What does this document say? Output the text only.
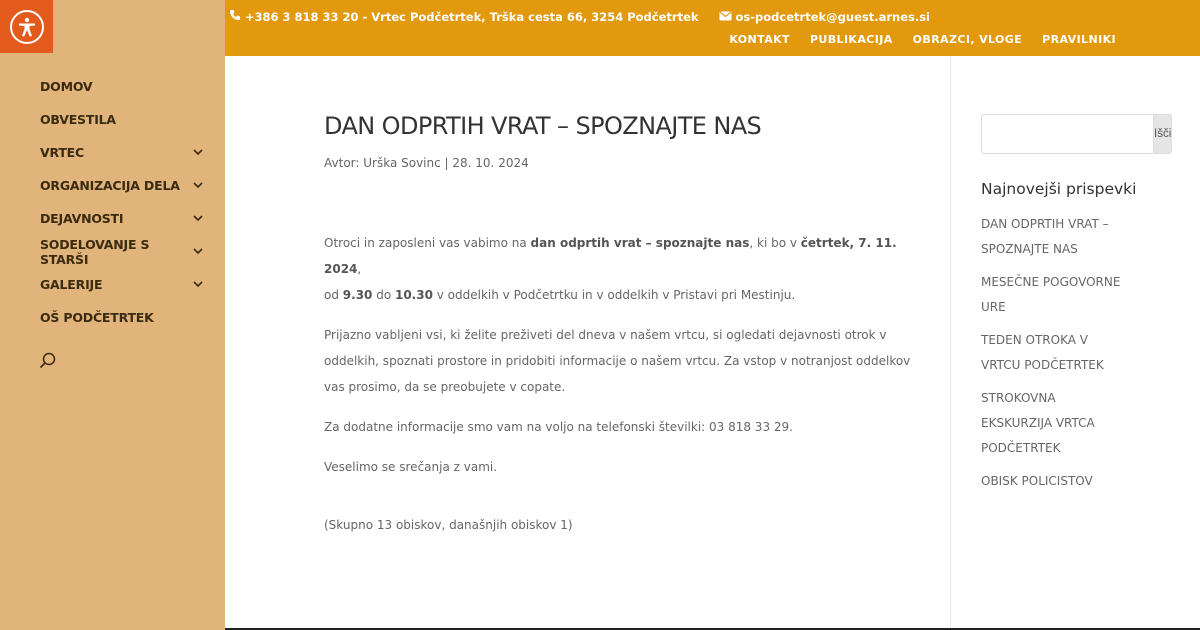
DOMOV
OBVESTILA
VRTEC
ORGANIZACIJA DELA
DEJAVNOSTI
SODELOVANJE S STARŠI
GALERIJE
OŠ PODČETRTEK
+386 3 818 33 20 - Vrtec Podčetrtek, Trška cesta 66, 3254 Podčetrtek	os-podcetrtek@guest.arnes.si
KONTAKT PUBLIKACIJA OBRAZCI, VLOGE PRAVILNIKI
DAN ODPRTIH VRAT – SPOZNAJTE NAS
Avtor: Urška Sovinc | 28. 10. 2024

Otroci in zaposleni vas vabimo na dan odprtih vrat – spoznajte nas, ki bo v četrtek, 7. 11. 2024,
od 9.30 do 10.30 v oddelkih v Podčetrtku in v oddelkih v Pristavi pri Mestinju.

Prijazno vabljeni vsi, ki želite preživeti del dneva v našem vrtcu, si ogledati dejavnosti otrok v oddelkih, spoznati prostore in pridobiti informacije o našem vrtcu. Za vstop v notranjost oddelkov vas prosimo, da se preobujete v copate.

Za dodatne informacije smo vam na voljo na telefonski številki: 03 818 33 29.

Veselimo se srečanja z vami.

(Skupno 13 obiskov, današnjih obiskov 1)

Išči
Najnovejši prispevki
DAN ODPRTIH VRAT – SPOZNAJTE NAS
MESEČNE POGOVORNE URE
TEDEN OTROKA V VRTCU PODČETRTEK
STROKOVNA EKSKURZIJA VRTCA PODČETRTEK
OBISK POLICISTOV
